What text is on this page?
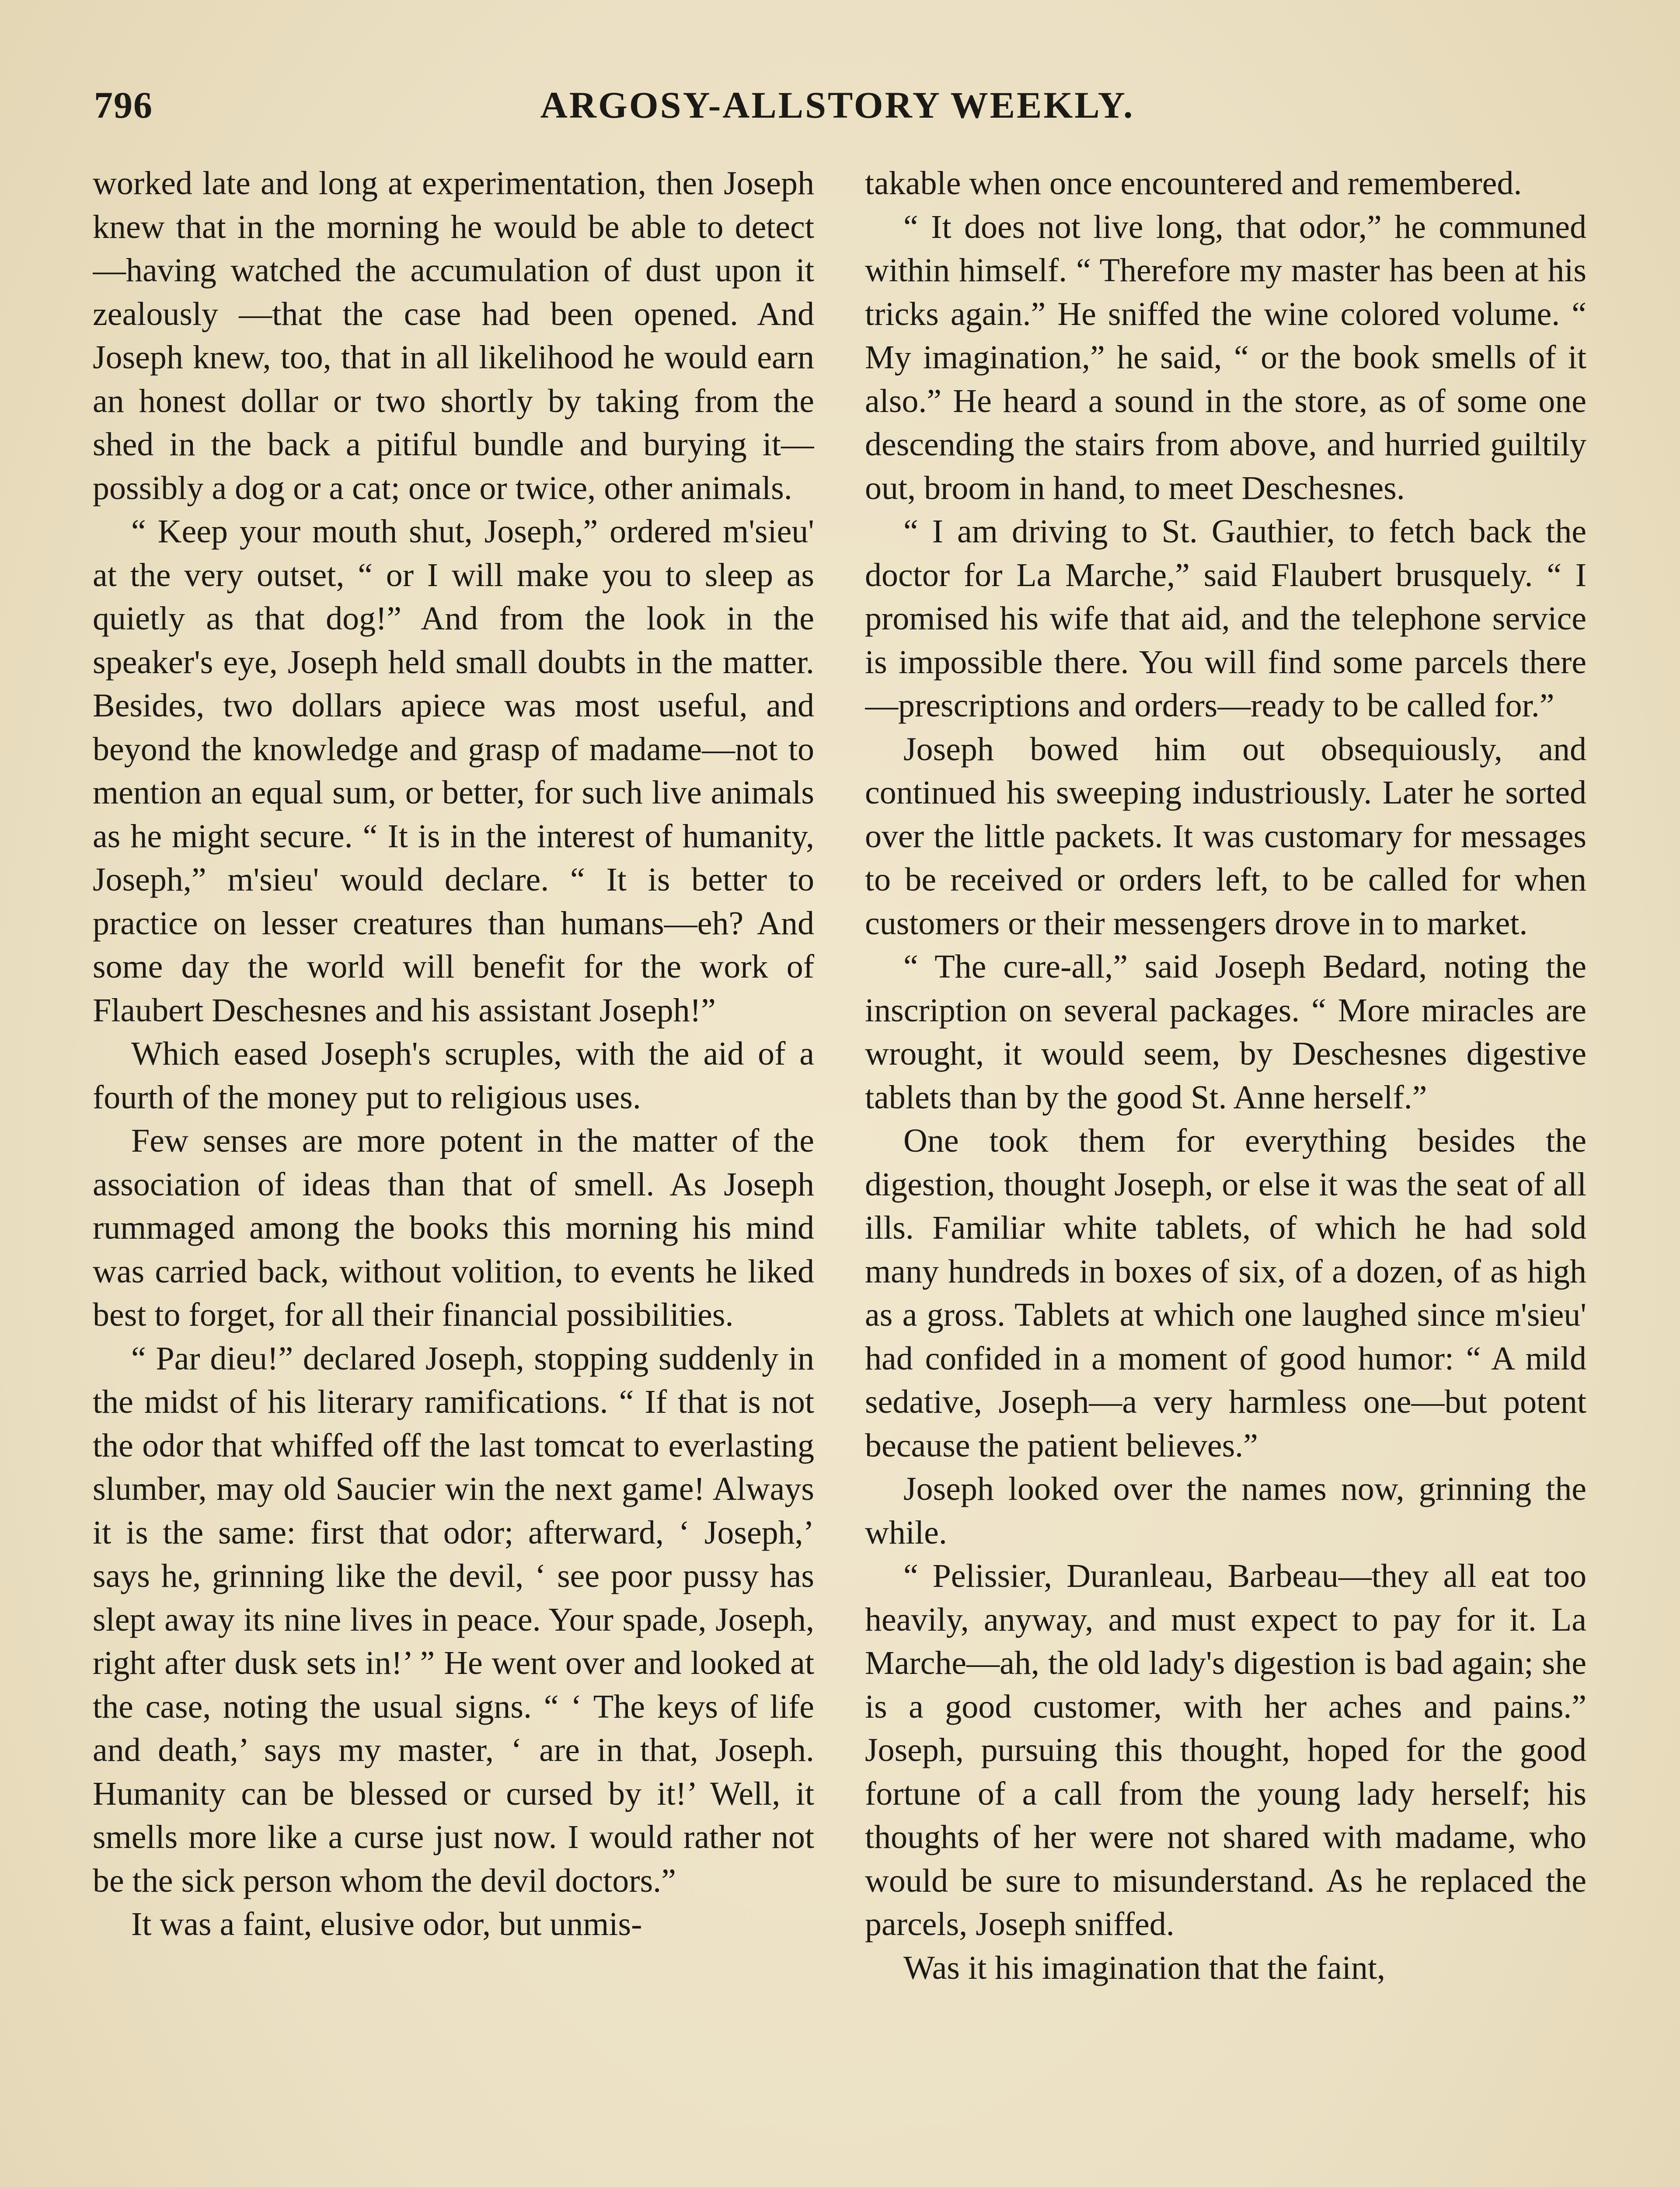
796	ARGOSY-ALLSTORY WEEKLY.

worked late and long at experimentation, then Joseph knew that in the morning he would be able to detect—having watched the accumulation of dust upon it zealously —that the case had been opened. And Joseph knew, too, that in all likelihood he would earn an honest dollar or two shortly by taking from the shed in the back a pitiful bundle and burying it—possibly a dog or a cat; once or twice, other animals.

“ Keep your mouth shut, Joseph,” ordered m'sieu' at the very outset, “ or I will make you to sleep as quietly as that dog!” And from the look in the speaker's eye, Joseph held small doubts in the matter. Besides, two dollars apiece was most useful, and beyond the knowledge and grasp of madame—not to mention an equal sum, or better, for such live animals as he might secure. “ It is in the interest of humanity, Joseph,” m'sieu' would declare. “ It is better to practice on lesser creatures than humans—eh? And some day the world will benefit for the work of Flaubert Deschesnes and his assistant Joseph!”

Which eased Joseph's scruples, with the aid of a fourth of the money put to religious uses.

Few senses are more potent in the matter of the association of ideas than that of smell. As Joseph rummaged among the books this morning his mind was carried back, without volition, to events he liked best to forget, for all their financial possibilities.

“ Par dieu!” declared Joseph, stopping suddenly in the midst of his literary ramifications. “ If that is not the odor that whiffed off the last tomcat to everlasting slumber, may old Saucier win the next game! Always it is the same: first that odor; afterward, ‘ Joseph,’ says he, grinning like the devil, ‘ see poor pussy has slept away its nine lives in peace. Your spade, Joseph, right after dusk sets in!’ ” He went over and looked at the case, noting the usual signs. “ ‘ The keys of life and death,’ says my master, ‘ are in that, Joseph. Humanity can be blessed or cursed by it!’ Well, it smells more like a curse just now. I would rather not be the sick person whom the devil doctors.”

It was a faint, elusive odor, but unmis-

takable when once encountered and remembered.

“ It does not live long, that odor,” he communed within himself. “ Therefore my master has been at his tricks again.” He sniffed the wine colored volume. “ My imagination,” he said, “ or the book smells of it also.” He heard a sound in the store, as of some one descending the stairs from above, and hurried guiltily out, broom in hand, to meet Deschesnes.

“ I am driving to St. Gauthier, to fetch back the doctor for La Marche,” said Flaubert brusquely. “ I promised his wife that aid, and the telephone service is impossible there. You will find some parcels there—prescriptions and orders—ready to be called for.”

Joseph bowed him out obsequiously, and continued his sweeping industriously. Later he sorted over the little packets. It was customary for messages to be received or orders left, to be called for when customers or their messengers drove in to market.

“ The cure-all,” said Joseph Bedard, noting the inscription on several packages. “ More miracles are wrought, it would seem, by Deschesnes digestive tablets than by the good St. Anne herself.”

One took them for everything besides the digestion, thought Joseph, or else it was the seat of all ills. Familiar white tablets, of which he had sold many hundreds in boxes of six, of a dozen, of as high as a gross. Tablets at which one laughed since m'sieu' had confided in a moment of good humor: “ A mild sedative, Joseph—a very harmless one—but potent because the patient believes.”

Joseph looked over the names now, grinning the while.

“ Pelissier, Duranleau, Barbeau—they all eat too heavily, anyway, and must expect to pay for it. La Marche—ah, the old lady's digestion is bad again; she is a good customer, with her aches and pains.” Joseph, pursuing this thought, hoped for the good fortune of a call from the young lady herself; his thoughts of her were not shared with madame, who would be sure to misunderstand. As he replaced the parcels, Joseph sniffed.

Was it his imagination that the faint,
